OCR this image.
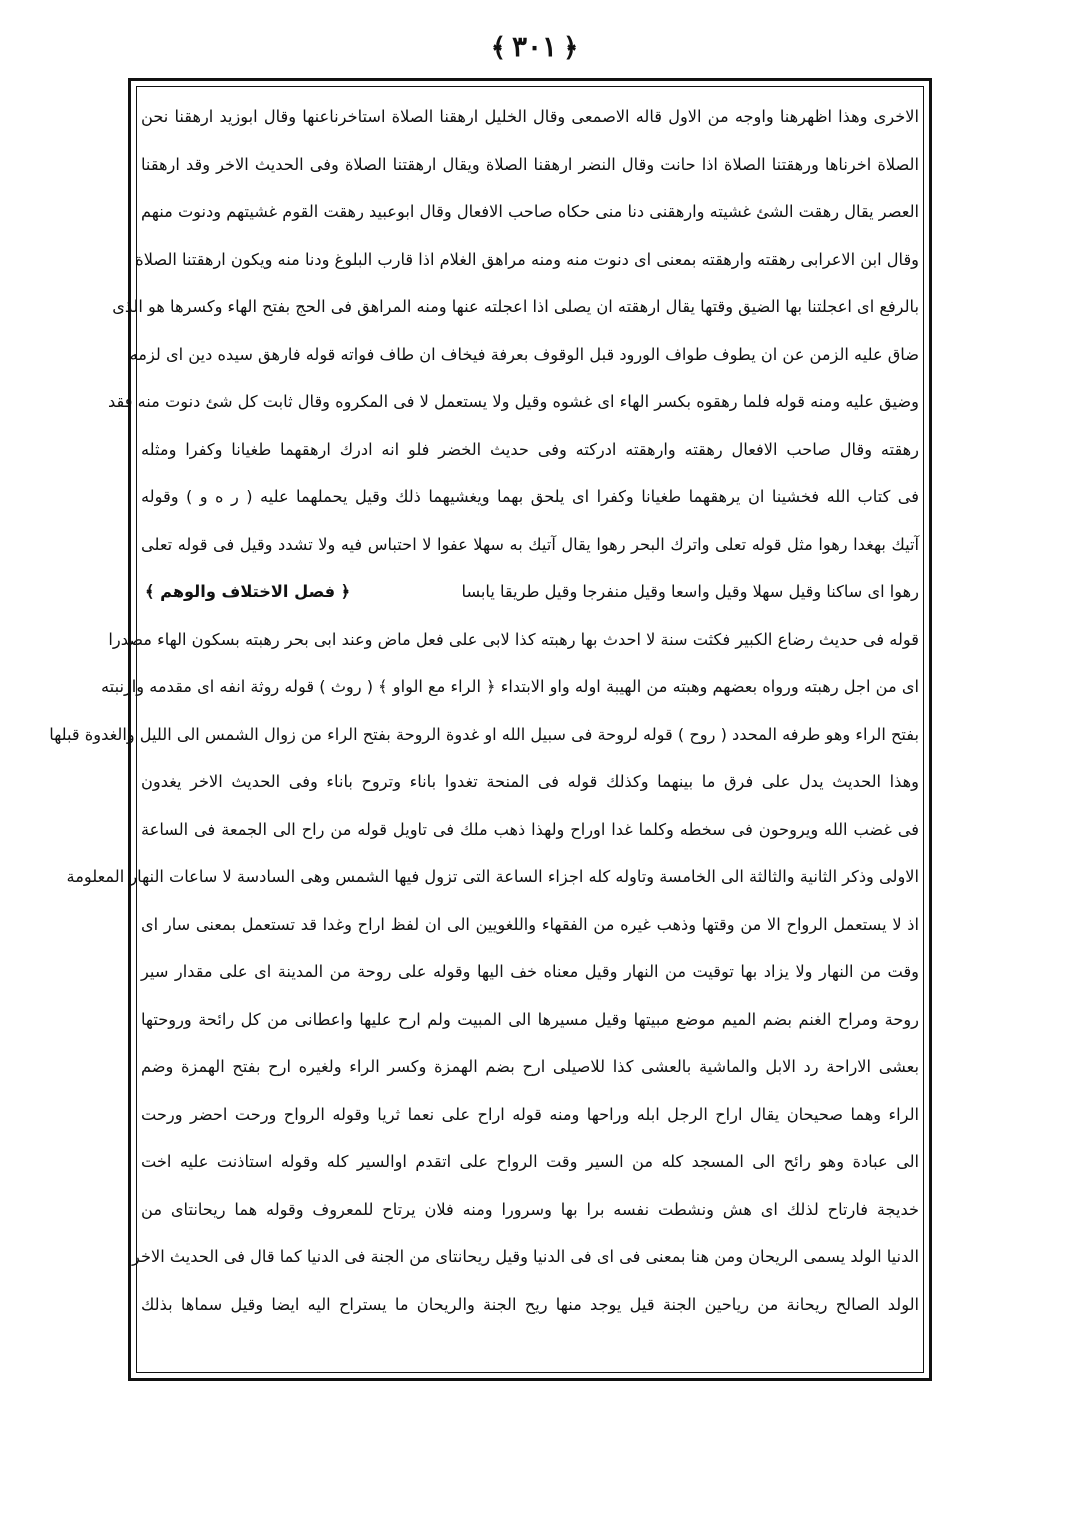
﴿٣٠١﴾
الاخرى وهذا اظهرهنا واوجه من الاول قاله الاصمعى وقال الخليل ارهقنا الصلاة استاخرناعنها وقال ابوزيد ارهقنا نحن
الصلاة اخرناها ورهقتنا الصلاة اذا حانت وقال النضر ارهقنا الصلاة ويقال ارهقتنا الصلاة وفى الحديث الاخر وقد ارهقنا
العصر يقال رهقت الشئ غشيته وارهقنى دنا منى حكاه صاحب الافعال وقال ابوعبيد رهقت القوم غشيتهم ودنوت منهم
وقال ابن الاعرابى رهقته وارهقته بمعنى اى دنوت منه ومنه مراهق الغلام اذا قارب البلوغ ودنا منه ويكون ارهقتنا الصلاة
بالرفع اى اعجلتنا بها الضيق وقتها يقال ارهقته ان يصلى اذا اعجلته عنها ومنه المراهق فى الحج بفتح الهاء وكسرها هو الذى
ضاق عليه الزمن عن ان يطوف طواف الورود قبل الوقوف بعرفة فيخاف ان طاف فواته قوله فارهق سيده دين اى لزمه
وضيق عليه ومنه قوله فلما رهقوه بكسر الهاء اى غشوه وقيل ولا يستعمل لا فى المكروه وقال ثابت كل شئ دنوت منه فقد
رهقته وقال صاحب الافعال رهقته وارهقته ادركته وفى حديث الخضر فلو انه ادرك ارهقهما طغيانا وكفرا ومثله
فى كتاب الله فخشينا ان يرهقهما طغيانا وكفرا اى يلحق بهما ويغشيهما ذلك وقيل يحملهما عليه ( ر ه و ) وقوله
آتيك بهغدا رهوا مثل قوله تعلى واترك البحر رهوا يقال آتيك به سهلا عفوا لا احتباس فيه ولا تشدد وقيل فى قوله تعلى
رهوا اى ساكنا وقيل سهلا وقيل واسعا وقيل منفرجا وقيل طريقا يابسا
﴿ فصل الاختلاف والوهم ﴾
قوله فى حديث رضاع الكبير فكثت سنة لا احدث بها رهبته كذا لابى على فعل ماض وعند ابى بحر رهبته بسكون الهاء مصدرا
اى من اجل رهبته ورواه بعضهم وهبته من الهيبة اوله واو الابتداء ﴿ الراء مع الواو ﴾ ( روث ) قوله روثة انفه اى مقدمه وارنبته
بفتح الراء وهو طرفه المحدد ( روح ) قوله لروحة فى سبيل الله او غدوة الروحة بفتح الراء من زوال الشمس الى الليل والغدوة قبلها
وهذا الحديث يدل على فرق ما بينهما وكذلك قوله فى المنحة تغدوا باناء وتروح باناء وفى الحديث الاخر يغدون
فى غضب الله ويروحون فى سخطه وكلما غدا اوراح ولهذا ذهب ملك فى تاويل قوله من راح الى الجمعة فى الساعة
الاولى وذكر الثانية والثالثة الى الخامسة وتاوله كله اجزاء الساعة التى تزول فيها الشمس وهى السادسة لا ساعات النهار المعلومة
اذ لا يستعمل الرواح الا من وقتها وذهب غيره من الفقهاء واللغويين الى ان لفظ اراح وغدا قد تستعمل بمعنى سار اى
وقت من النهار ولا يزاد بها توقيت من النهار وقيل معناه خف اليها وقوله على روحة من المدينة اى على مقدار سير
روحة ومراح الغنم بضم الميم موضع مبيتها وقيل مسيرها الى المبيت ولم ارح عليها واعطانى من كل رائحة وروحتها
بعشى الاراحة رد الابل والماشية بالعشى كذا للاصيلى ارح بضم الهمزة وكسر الراء ولغيره ارح بفتح الهمزة وضم
الراء وهما صحيحان يقال اراح الرجل ابله وراحها ومنه قوله اراح على نعما ثريا وقوله الرواح ورحت احضر ورحت
الى عبادة وهو رائح الى المسجد كله من السير وقت الرواح على اتقدم اوالسير كله وقوله استاذنت عليه اخت
خديجة فارتاح لذلك اى هش ونشطت نفسه برا بها وسرورا ومنه فلان يرتاح للمعروف وقوله هما ريحانتاى من
الدنيا الولد يسمى الريحان ومن هنا بمعنى فى اى فى الدنيا وقيل ريحانتاى من الجنة فى الدنيا كما قال فى الحديث الاخر
الولد الصالح ريحانة من رياحين الجنة قيل يوجد منها ريح الجنة والريحان ما يستراح اليه ايضا وقيل سماها بذلك
